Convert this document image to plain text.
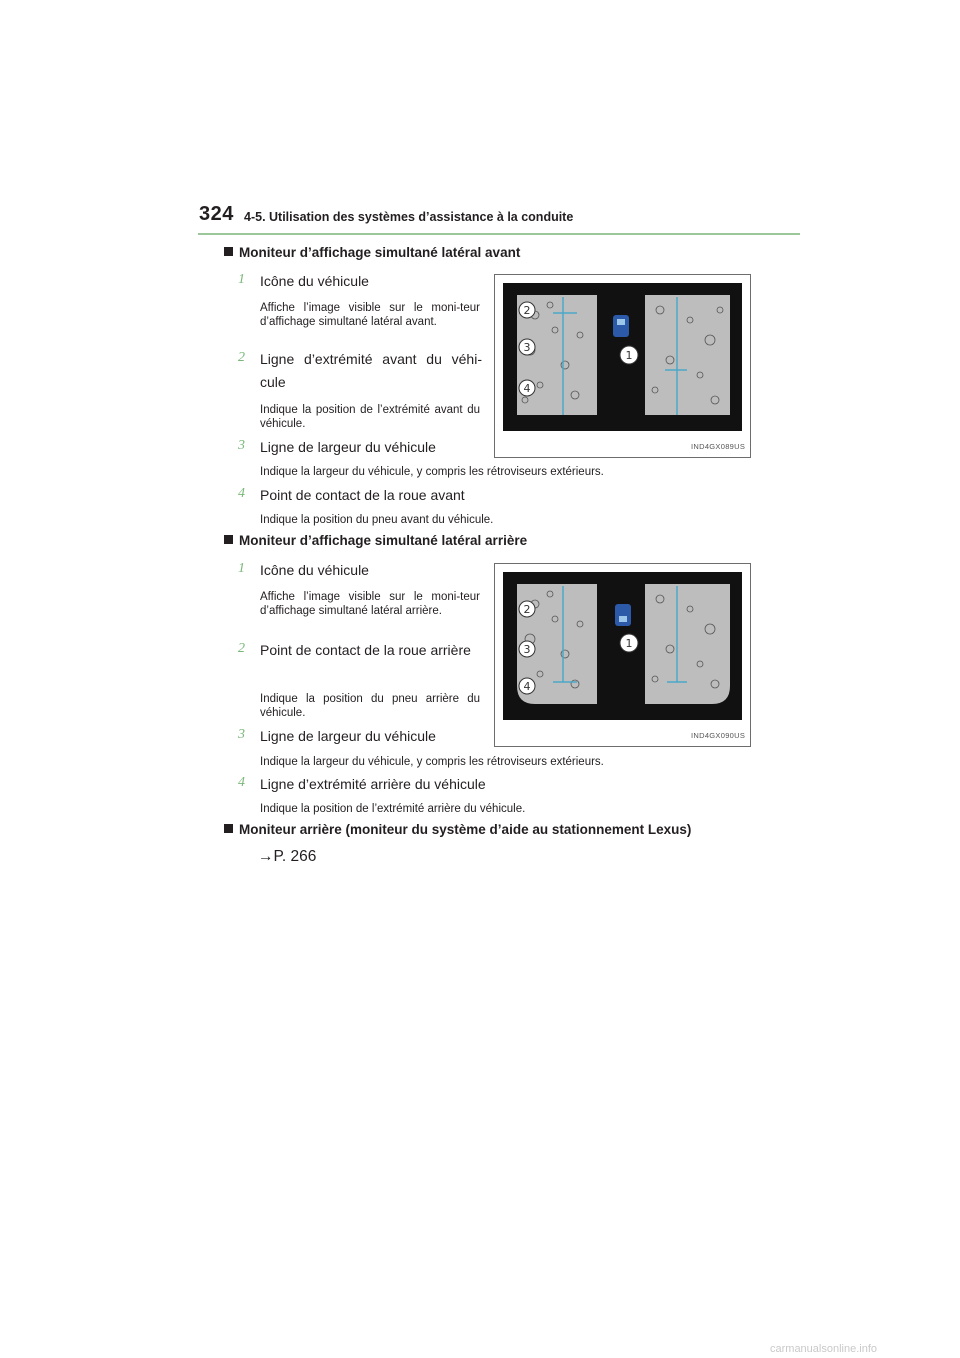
324 4-5. Utilisation des systèmes d’assistance à la conduite
Moniteur d’affichage simultané latéral avant
1 Icône du véhicule
Affiche l’image visible sur le moni-teur d’affichage simultané latéral avant.
2 Ligne d’extrémité avant du véhi-cule
Indique la position de l’extrémité avant du véhicule.
3 Ligne de largeur du véhicule
Indique la largeur du véhicule, y compris les rétroviseurs extérieurs.
4 Point de contact de la roue avant
Indique la position du pneu avant du véhicule.
2
3
4
1
IND4GX089US
Moniteur d’affichage simultané latéral arrière
1 Icône du véhicule
Affiche l’image visible sur le moni-teur d’affichage simultané latéral arrière.
2 Point de contact de la roue arrière
Indique la position du pneu arrière du véhicule.
3 Ligne de largeur du véhicule
Indique la largeur du véhicule, y compris les rétroviseurs extérieurs.
4 Ligne d’extrémité arrière du véhicule
Indique la position de l’extrémité arrière du véhicule.
2
3
4
1
IND4GX090US
Moniteur arrière (moniteur du système d’aide au stationnement Lexus)
→P. 266
carmanualsonline.info
